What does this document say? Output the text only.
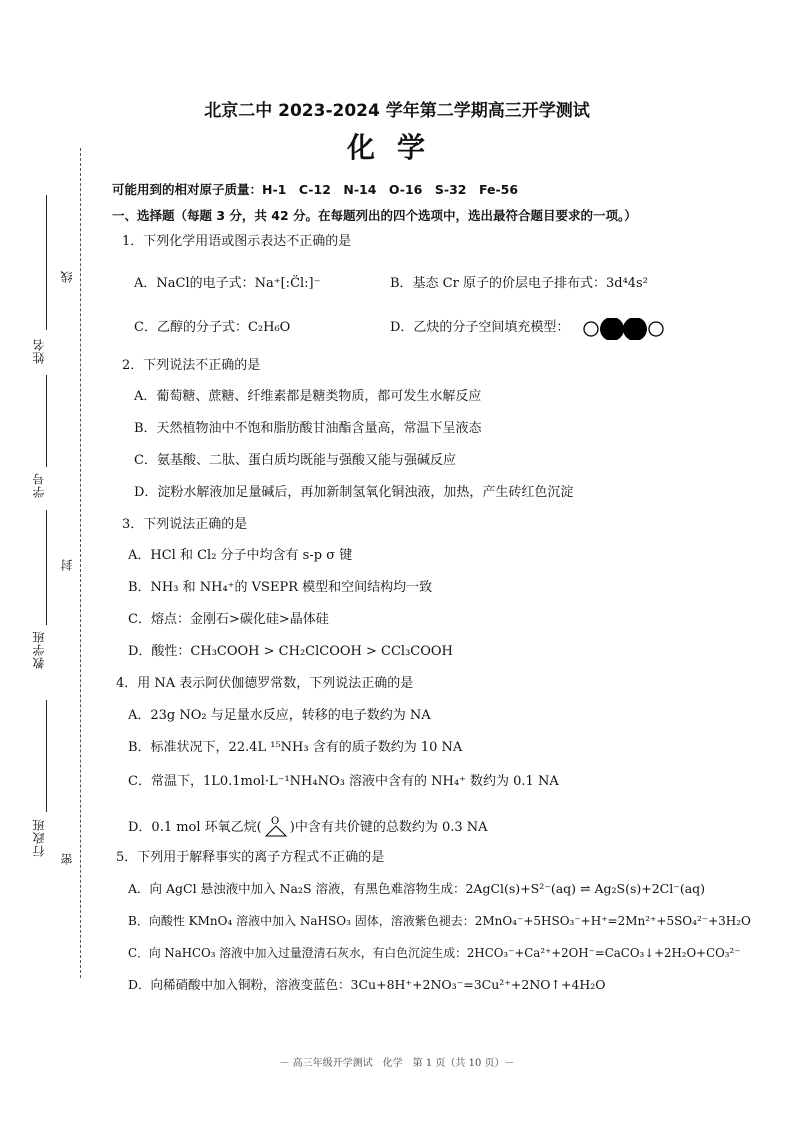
线
封
密
姓名
学号
教学班
行政班
北京二中 2023-2024 学年第二学期高三开学测试
化学
可能用到的相对原子质量：H-1　C-12　N-14　O-16　S-32　Fe-56
一、选择题（每题 3 分，共 42 分。在每题列出的四个选项中，选出最符合题目要求的一项。）
1．下列化学用语或图示表达不正确的是
A．NaCl的电子式：Na⁺[:C̈l:]⁻	B．基态 Cr 原子的价层电子排布式：3d⁴4s²
C．乙醇的分子式：C₂H₆O	D．乙炔的分子空间填充模型：
2．下列说法不正确的是
A．葡萄糖、蔗糖、纤维素都是糖类物质，都可发生水解反应
B．天然植物油中不饱和脂肪酸甘油酯含量高，常温下呈液态
C．氨基酸、二肽、蛋白质均既能与强酸又能与强碱反应
D．淀粉水解液加足量碱后，再加新制氢氧化铜浊液，加热，产生砖红色沉淀
3．下列说法正确的是
A．HCl 和 Cl₂ 分子中均含有 s-p σ 键
B．NH₃ 和 NH₄⁺的 VSEPR 模型和空间结构均一致
C．熔点：金刚石>碳化硅>晶体硅
D．酸性：CH₃COOH > CH₂ClCOOH > CCl₃COOH
4．用 NA 表示阿伏伽德罗常数，下列说法正确的是
A．23g NO₂ 与足量水反应，转移的电子数约为 NA
B．标准状况下，22.4L ¹⁵NH₃ 含有的质子数约为 10 NA
C．常温下，1L0.1mol·L⁻¹NH₄NO₃ 溶液中含有的 NH₄⁺ 数约为 0.1 NA
D．0.1 mol 环氧乙烷( O )中含有共价键的总数约为 0.3 NA
5．下列用于解释事实的离子方程式不正确的是
A．向 AgCl 悬浊液中加入 Na₂S 溶液，有黑色难溶物生成：2AgCl(s)+S²⁻(aq) ⇌ Ag₂S(s)+2Cl⁻(aq)
B．向酸性 KMnO₄ 溶液中加入 NaHSO₃ 固体，溶液紫色褪去：2MnO₄⁻+5HSO₃⁻+H⁺=2Mn²⁺+5SO₄²⁻+3H₂O
C．向 NaHCO₃ 溶液中加入过量澄清石灰水，有白色沉淀生成：2HCO₃⁻+Ca²⁺+2OH⁻=CaCO₃↓+2H₂O+CO₃²⁻
D．向稀硝酸中加入铜粉，溶液变蓝色：3Cu+8H⁺+2NO₃⁻=3Cu²⁺+2NO↑+4H₂O
－ 高三年级开学测试　化学　第 1 页（共 10 页）－
